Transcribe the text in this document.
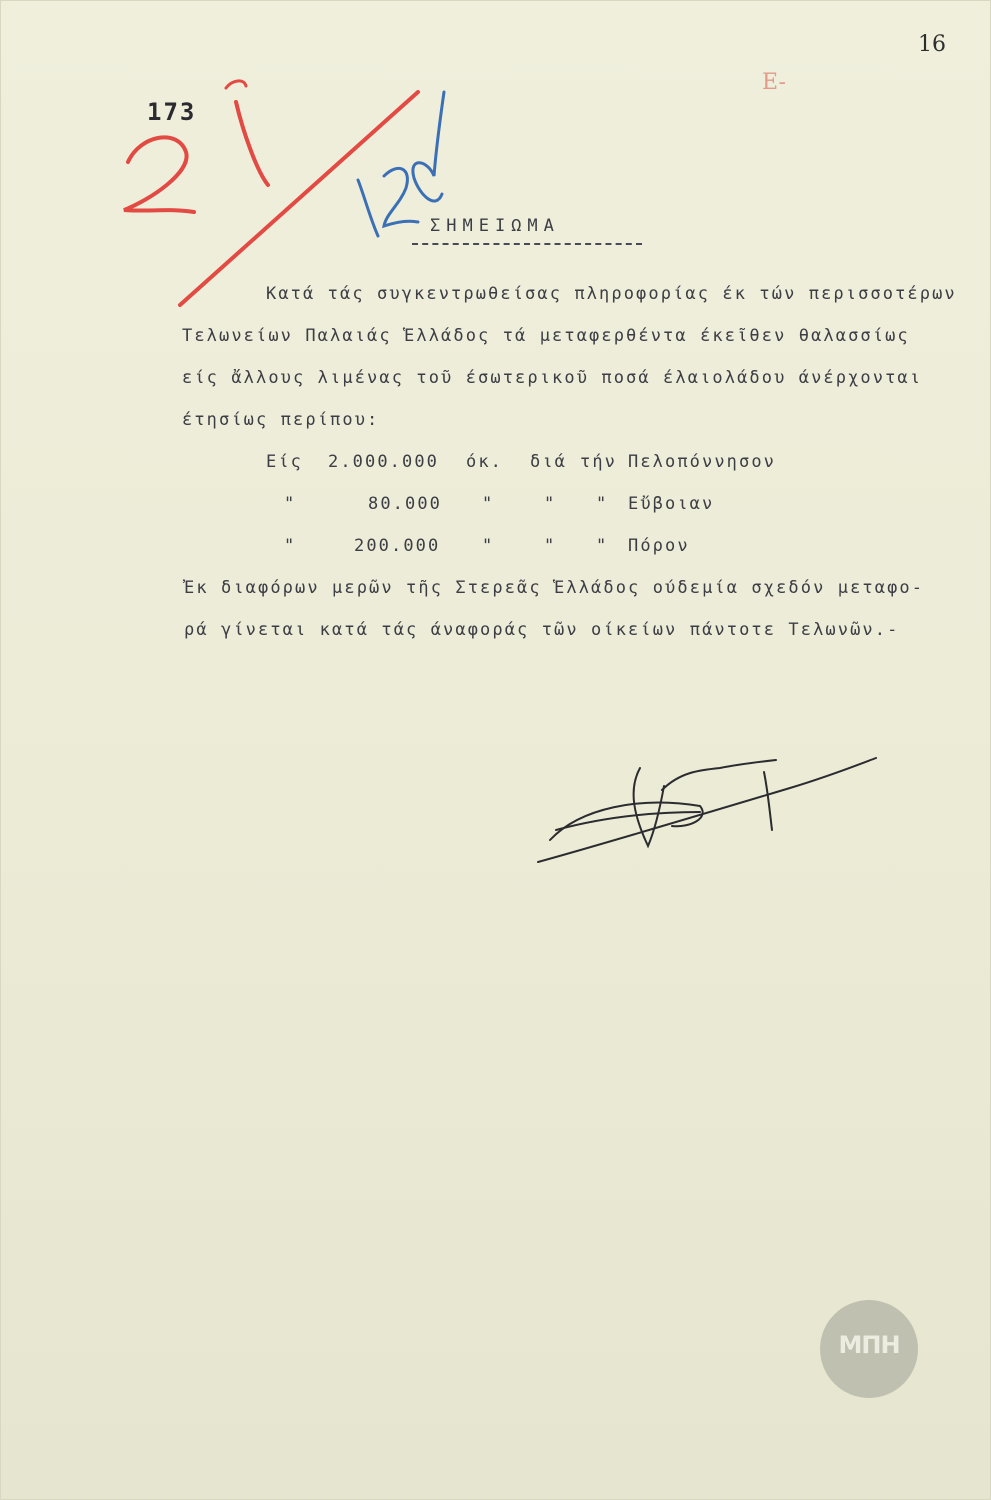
16
E-
173
ΣΗΜΕΙΩΜΑ
Κατά τάς συγκεντρωθείσας πληροφορίας έκ τών περισσοτέρων
Τελωνείων Παλαιάς Ἑλλάδος τά μεταφερθέντα έκεῖθεν θαλασσίως
είς ἄλλους λιμένας τοῦ έσωτερικοῦ ποσά έλαιολάδου άνέρχονται
έτησίως περίπου:
Είς 2.000.000 όκ. διά τήν Πελοπόννησον
"	80.000 "	" " Εὔβοιαν
"	200.000 "	" " Πόρον
Ἐκ διαφόρων μερῶν τῆς Στερεᾶς Ἑλλάδος ούδεμία σχεδόν μεταφο-
ρά γίνεται κατά τάς άναφοράς τῶν οίκείων πάντοτε Τελωνῶν.-
ΜΠΗ
